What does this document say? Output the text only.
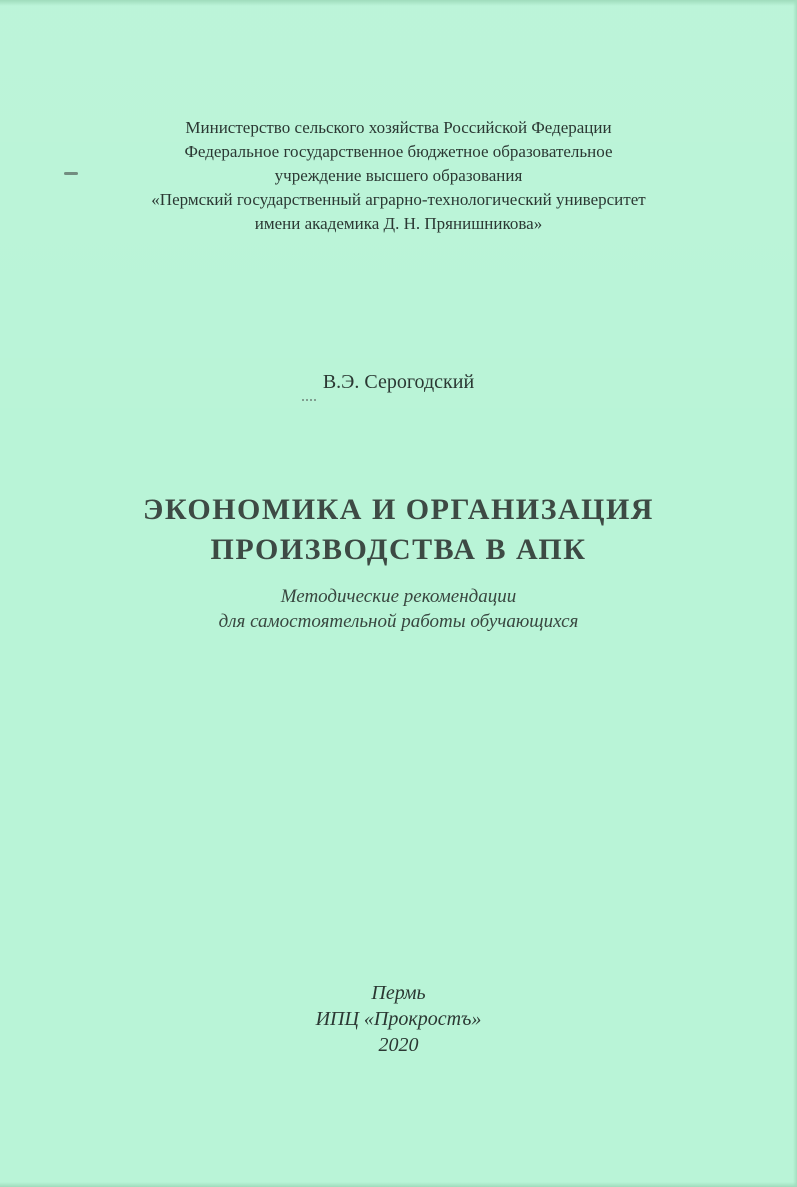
Министерство сельского хозяйства Российской Федерации
Федеральное государственное бюджетное образовательное
учреждение высшего образования
«Пермский государственный аграрно-технологический университет
имени академика Д. Н. Прянишникова»
В.Э. Серогодский
ЭКОНОМИКА И ОРГАНИЗАЦИЯ
ПРОИЗВОДСТВА В АПК
Методические рекомендации
для самостоятельной работы обучающихся
Пермь
ИПЦ «Прокростъ»
2020
